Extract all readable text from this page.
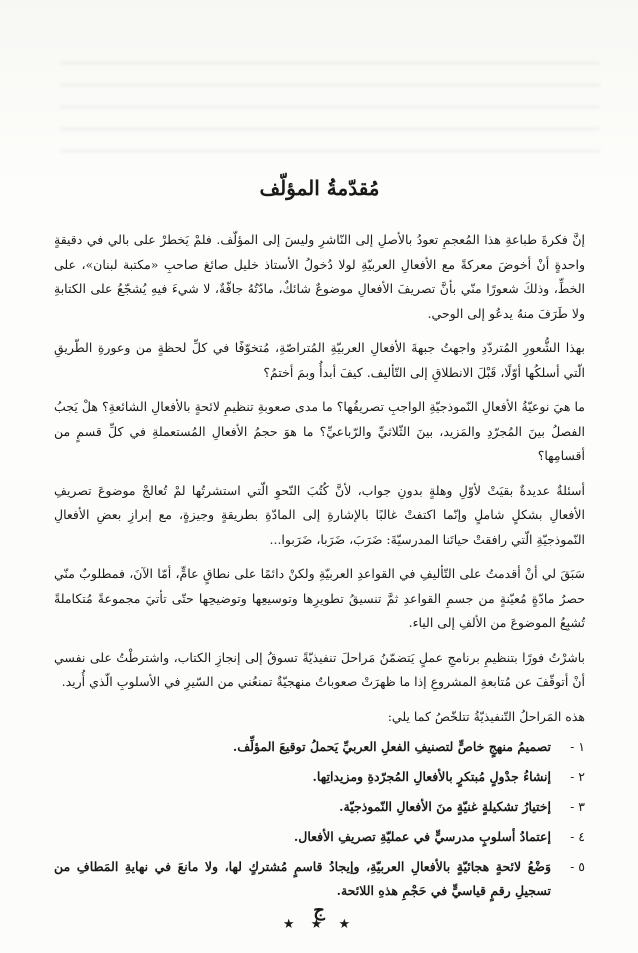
مُقدّمةُ المؤلّف

إنَّ فكرةَ طباعةِ هذا المُعجمِ تعودُ بالأصلِ إلى النّاشرِ وليسَ إلى المؤلّف. فلمْ يَخطرْ على بالي في دقيقةٍ واحدةٍ أنْ أخوضَ معركةً مع الأفعالِ العربيّةِ لولا دُخولُ الأستاذ خليل صائغ صاحبِ «مكتبة لبنان»، على الخطِّ، وذلكَ شعورًا منّي بأنَّ تصريفَ الأفعالِ موضوعٌ شائكٌ، مادّتُهُ جافّةٌ، لا شيءَ فيهِ يُشجّعُ على الكتابةِ ولا طَرَفَ منهُ يدعُو إلى الوحي.

بهذا الشُّعورِ المُتردّدِ واجهتُ جبهةَ الأفعالِ العربيّةِ المُتراصّةِ، مُتخوّفًا في كلِّ لحظةٍ من وعورةِ الطّريقِ الّتي أسلكُها أوّلًا، قَبْلَ الانطلاقِ إلى التّأليف. كيفَ أبدأُ وبمَ أختمُ؟

ما هيَ نوعيّةُ الأفعالِ النّموذجيّةِ الواجبِ تصريفُها؟ ما مدى صعوبةِ تنظيمِ لائحةٍ بالأفعالِ الشائعةِ؟ هلْ يَجبُ الفصلُ بينَ المُجرّدِ والمَزيد، بينَ الثّلاثيِّ والرّباعيِّ؟ ما هوَ حجمُ الأفعالِ المُستعملةِ في كلِّ قسمٍ من أقسامِها؟

أسئلةٌ عديدةٌ بقيَتْ لأوّلِ وهلةٍ بدونِ جواب، لأنَّ كُتُبَ النّحوِ الّتي استشرتُها لمْ تُعالجْ موضوعَ تصريفِ الأفعالِ بشكلٍ شاملٍ وإنّما اكتفتْ غالبًا بالإشارةِ إلى المادّةِ بطريقةٍ وجيزةٍ، مع إبرازِ بعضِ الأفعالِ النّموذجيّةِ الّتي رافقتْ حياتَنا المدرسيّةَ: ضَرَبَ، ضَرَبا، ضَرَبوا...

سَبَقَ لي أنْ أقدمتُ على التّأليفِ في القواعدِ العربيّةِ ولكنْ دائمًا على نطاقٍ عامٍّ، أمّا الآنَ، فمطلوبٌ منّي حصرُ مادّةٍ مُعيّنةٍ من جسمِ القواعدِ ثمَّ تنسيقُ تطويرِها وتوسيعِها وتوضيحِها حتّى تأتيَ مجموعةً مُتكاملةً تُشبِعُ الموضوعَ من الألفِ إلى الياء.

باشرْتُ فورًا بتنظيمِ برنامجِ عملٍ يَتضمّنُ مَراحلَ تنفيذيّةً تسوقُ إلى إنجازِ الكتاب، واشترطْتُ على نفسي أنْ أتوقّفَ عن مُتابعةِ المشروعِ إذا ما ظهرَتْ صعوباتٌ منهجيّةٌ تمنعُني من السّيرِ في الأسلوبِ الّذي أُريد.

هذه المَراحلُ التّنفيذيّةُ تتلخّصُ كما يلي:

١ -
تصميمُ منهجٍ خاصٍّ لتصنيفِ الفعلِ العربيِّ يَحملُ توقيعَ المؤلِّف.
٢ -
إنشاءُ جدْولٍ مُبتكرٍ بالأفعالِ المُجرّدةِ ومزيداتِها.
٣ -
إختيارُ تشكيلةٍ غنيّةٍ منَ الأفعالِ النّموذجيّة.
٤ -
إعتمادُ أسلوبٍ مدرسيٍّ في عمليّةِ تصريفِ الأفعال.
٥ -
وَضْعُ لائحةٍ هجائيّةٍ بالأفعالِ العربيّةِ، وإيجادُ قاسمٍ مُشتركٍ لها، ولا مانعَ في نهايةِ المَطافِ من تسجيلِ رقمٍ قياسيٍّ في حَجْمِ هذهِ اللائحة.
★ ★ ★
ج
